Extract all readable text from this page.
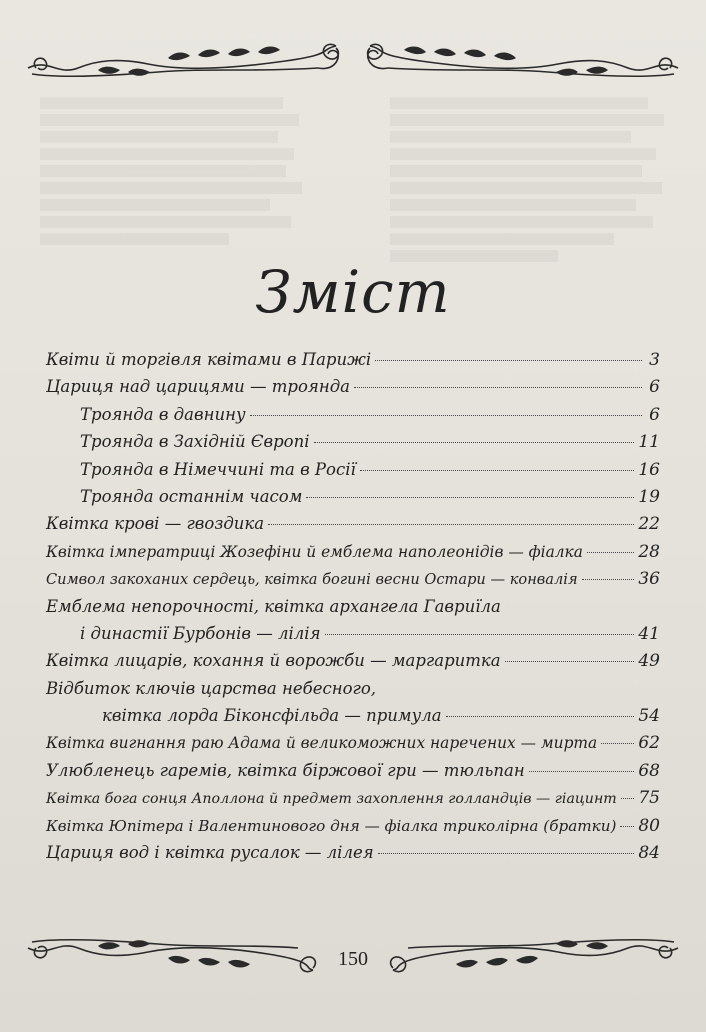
Зміст
Квіти й торгівля квітами в Парижі	3
Цариця над царицями — троянда	6
Троянда в давнину	6
Троянда в Західній Європі	11
Троянда в Німеччині та в Росії	16
Троянда останнім часом	19
Квітка крові — гвоздика	22
Квітка імператриці Жозефіни й емблема наполеонідів — фіалка	28
Символ закоханих сердець, квітка богині весни Остари — конвалія	36
Емблема непорочності, квітка архангела Гавриїла
і династії Бурбонів — лілія	41
Квітка лицарів, кохання й ворожби — маргаритка	49
Відбиток ключів царства небесного,
квітка лорда Біконсфільда — примула	54
Квітка вигнання раю Адама й великоможних наречених — мирта 62
Улюбленець гаремів, квітка біржової гри — тюльпан	68
Квітка бога сонця Аполлона й предмет захоплення голландців — гіацинт 75
Квітка Юпітера і Валентинового дня — фіалка триколірна (братки) 80
Цариця вод і квітка русалок — лілея	84
150
